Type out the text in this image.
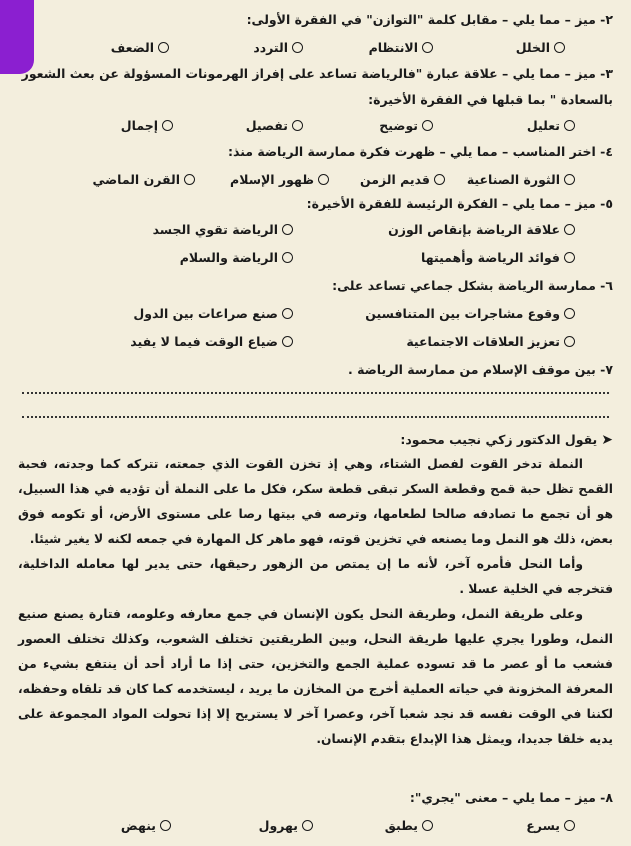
٢- ميز – مما يلي – مقابل كلمة "التوازن" في الفقرة الأولى:
الخلل
الانتظام
التردد
الضعف
٣- ميز – مما يلي – علاقة عبارة "فالرياضة تساعد على إفراز الهرمونات المسؤولة عن بعث الشعور
بالسعادة " بما قبلها في الفقرة الأخيرة:
تعليل
توضيح
تفصيل
إجمال
٤- اختر المناسب – مما يلي – ظهرت فكرة ممارسة الرياضة منذ:
الثورة الصناعية
قديم الزمن
ظهور الإسلام
القرن الماضي
٥- ميز – مما يلي – الفكرة الرئيسة للفقرة الأخيرة:
علاقة الرياضة بإنقاص الوزن
الرياضة تقوي الجسد
فوائد الرياضة وأهميتها
الرياضة والسلام
٦- ممارسة الرياضة بشكل جماعي تساعد على:
وقوع مشاجرات بين المتنافسين
صنع صراعات بين الدول
تعزيز العلاقات الاجتماعية
ضياع الوقت فيما لا يفيد
٧- بين موقف الإسلام من ممارسة الرياضة .
➤يقول الدكتور زكي نجيب محمود:

النملة تدخر القوت لفصل الشتاء، وهي إذ تخزن القوت الذي جمعته، تتركه كما وجدته، فحبة القمح تظل حبة قمح وقطعة السكر تبقى قطعة سكر، فكل ما على النملة أن تؤديه في هذا السبيل، هو أن تجمع ما تصادفه صالحا لطعامها، وترصه في بيتها رصا على مستوى الأرض، أو تكومه فوق بعض، ذلك هو النمل وما يصنعه في تخزين قوته، فهو ماهر كل المهارة في جمعه لكنه لا يغير شيئا.

وأما النحل فأمره آخر، لأنه ما إن يمتص من الزهور رحيقها، حتى يدير لها معامله الداخلية، فتخرجه في الخلية عسلا .

وعلى طريقة النمل، وطريقة النحل يكون الإنسان في جمع معارفه وعلومه، فتارة يصنع صنيع النمل، وطورا يجري عليها طريقة النحل، وبين الطريقتين تختلف الشعوب، وكذلك تختلف العصور فشعب ما أو عصر ما قد تسوده عملية الجمع والتخزين، حتى إذا ما أراد أحد أن ينتفع بشيء من المعرفة المخزونة في حياته العملية أخرج من المخازن ما يريد ، ليستخدمه كما كان قد تلقاه وحفظه، لكننا في الوقت نفسه قد نجد شعبا آخر، وعصرا آخر لا يستريح إلا إذا تحولت المواد المجموعة على يديه خلقا جديدا، ويمثل هذا الإبداع بتقدم الإنسان.

٨- ميز – مما يلي – معنى "يجري":
يسرع
يطبق
يهرول
ينهض
